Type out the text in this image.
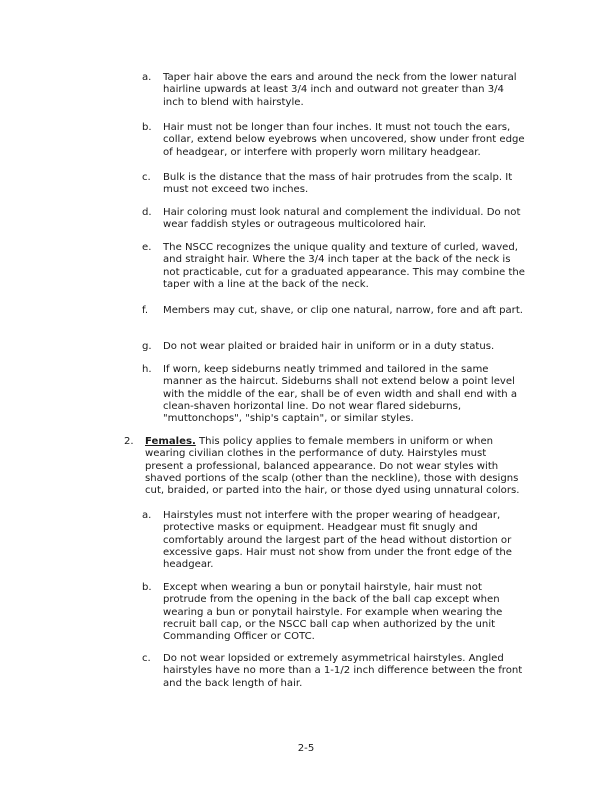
a. Taper hair above the ears and around the neck from the lower natural hairline upwards at least 3/4 inch and outward not greater than 3/4 inch to blend with hairstyle.
b. Hair must not be longer than four inches. It must not touch the ears, collar, extend below eyebrows when uncovered, show under front edge of headgear, or interfere with properly worn military headgear.
c. Bulk is the distance that the mass of hair protrudes from the scalp. It must not exceed two inches.
d. Hair coloring must look natural and complement the individual. Do not wear faddish styles or outrageous multicolored hair.
e. The NSCC recognizes the unique quality and texture of curled, waved, and straight hair. Where the 3/4 inch taper at the back of the neck is not practicable, cut for a graduated appearance. This may combine the taper with a line at the back of the neck.
f. Members may cut, shave, or clip one natural, narrow, fore and aft part.
g. Do not wear plaited or braided hair in uniform or in a duty status.
h. If worn, keep sideburns neatly trimmed and tailored in the same manner as the haircut. Sideburns shall not extend below a point level with the middle of the ear, shall be of even width and shall end with a clean-shaven horizontal line. Do not wear flared sideburns, "muttonchops", "ship's captain", or similar styles.
2. Females. This policy applies to female members in uniform or when wearing civilian clothes in the performance of duty. Hairstyles must present a professional, balanced appearance. Do not wear styles with shaved portions of the scalp (other than the neckline), those with designs cut, braided, or parted into the hair, or those dyed using unnatural colors.
a. Hairstyles must not interfere with the proper wearing of headgear, protective masks or equipment. Headgear must fit snugly and comfortably around the largest part of the head without distortion or excessive gaps. Hair must not show from under the front edge of the headgear.
b. Except when wearing a bun or ponytail hairstyle, hair must not protrude from the opening in the back of the ball cap except when wearing a bun or ponytail hairstyle. For example when wearing the recruit ball cap, or the NSCC ball cap when authorized by the unit Commanding Officer or COTC.
c. Do not wear lopsided or extremely asymmetrical hairstyles. Angled hairstyles have no more than a 1-1/2 inch difference between the front and the back length of hair.
2-5
